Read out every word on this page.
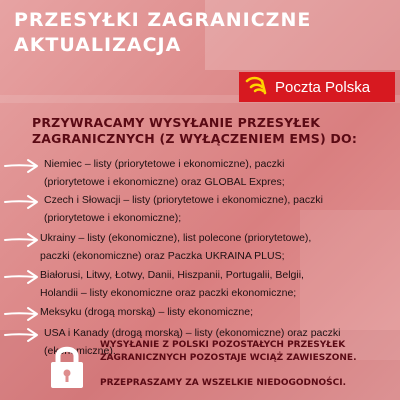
PRZESYŁKI ZAGRANICZNE
AKTUALIZACJA
Poczta Polska
PRZYWRACAMY WYSYŁANIE PRZESYŁEK
ZAGRANICZNYCH (Z WYŁĄCZENIEM EMS) DO:
Niemiec – listy (priorytetowe i ekonomiczne), paczki
(priorytetowe i ekonomiczne) oraz GLOBAL Expres;
Czech i Słowacji – listy (priorytetowe i ekonomiczne), paczki
(priorytetowe i ekonomiczne);
Ukrainy – listy (ekonomiczne), list polecone (priorytetowe),
paczki (ekonomiczne) oraz Paczka UKRAINA PLUS;
Białorusi, Litwy, Łotwy, Danii, Hiszpanii, Portugalii, Belgii,
Holandii – listy ekonomiczne oraz paczki ekonomiczne;
Meksyku (drogą morską) – listy ekonomiczne;
USA i Kanady (drogą morską) – listy (ekonomiczne) oraz paczki
(ekonomiczne).
WYSYŁANIE Z POLSKI POZOSTAŁYCH PRZESYŁEK
ZAGRANICZNYCH POZOSTAJE WCIĄŻ ZAWIESZONE.
PRZEPRASZAMY ZA WSZELKIE NIEDOGODNOŚCI.
